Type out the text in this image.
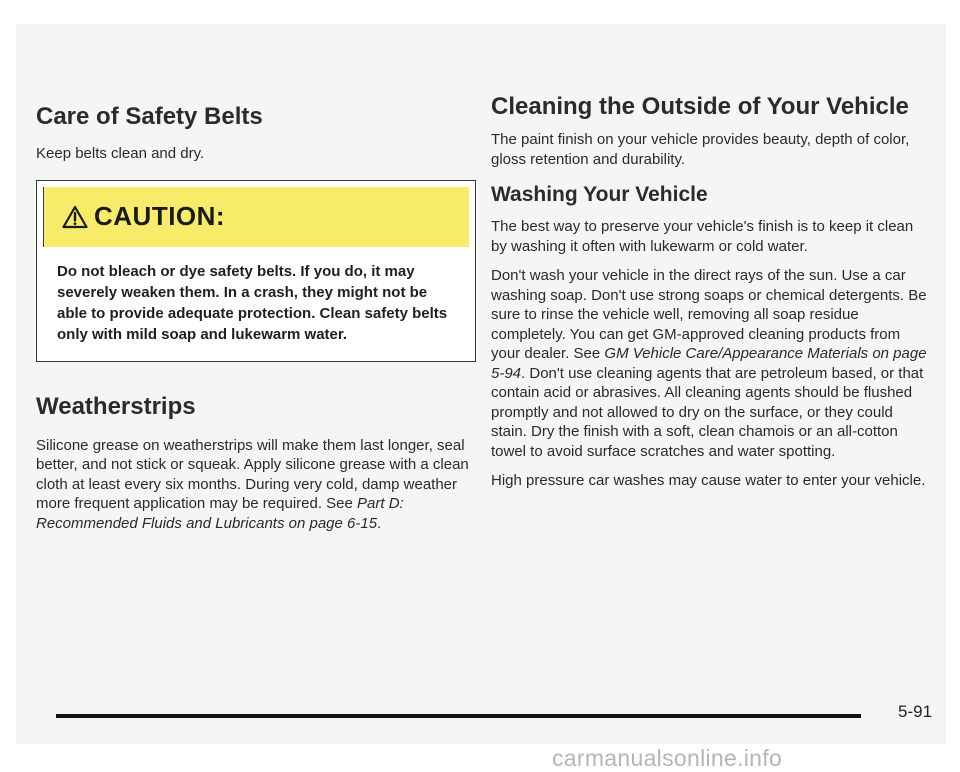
Care of Safety Belts

Keep belts clean and dry.

CAUTION:
Do not bleach or dye safety belts. If you do, it may severely weaken them. In a crash, they might not be able to provide adequate protection. Clean safety belts only with mild soap and lukewarm water.
Weatherstrips

Silicone grease on weatherstrips will make them last longer, seal better, and not stick or squeak. Apply silicone grease with a clean cloth at least every six months. During very cold, damp weather more frequent application may be required. See Part D: Recommended Fluids and Lubricants on page 6-15.

Cleaning the Outside of Your Vehicle

The paint finish on your vehicle provides beauty, depth of color, gloss retention and durability.

Washing Your Vehicle

The best way to preserve your vehicle's finish is to keep it clean by washing it often with lukewarm or cold water.

Don't wash your vehicle in the direct rays of the sun. Use a car washing soap. Don't use strong soaps or chemical detergents. Be sure to rinse the vehicle well, removing all soap residue completely. You can get GM-approved cleaning products from your dealer. See GM Vehicle Care/Appearance Materials on page 5-94. Don't use cleaning agents that are petroleum based, or that contain acid or abrasives. All cleaning agents should be flushed promptly and not allowed to dry on the surface, or they could stain. Dry the finish with a soft, clean chamois or an all-cotton towel to avoid surface scratches and water spotting.

High pressure car washes may cause water to enter your vehicle.

5-91
carmanualsonline.info
